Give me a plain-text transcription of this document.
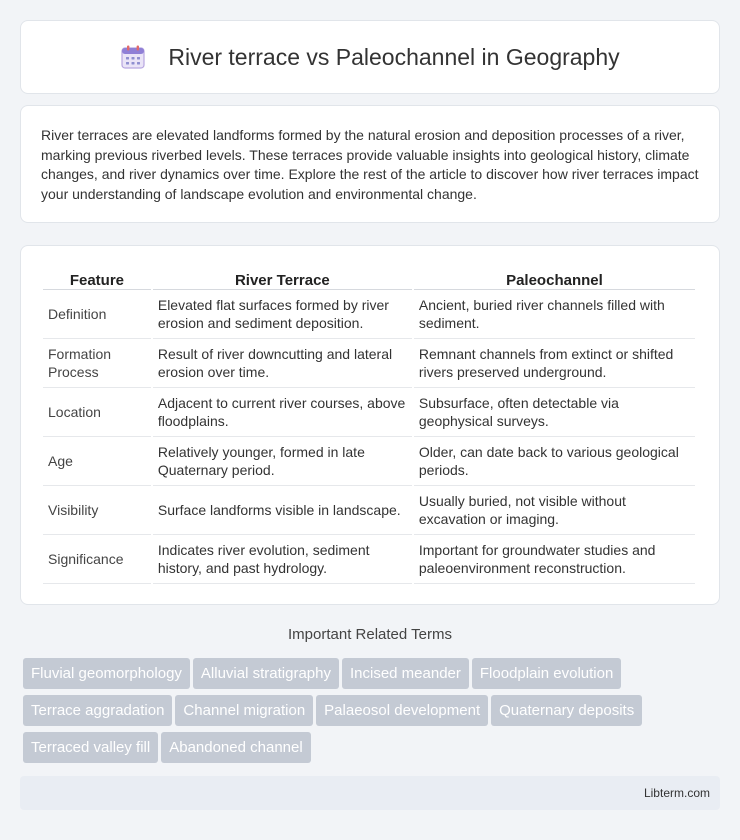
River terrace vs Paleochannel in Geography

River terraces are elevated landforms formed by the natural erosion and deposition processes of a river, marking previous riverbed levels. These terraces provide valuable insights into geological history, climate changes, and river dynamics over time. Explore the rest of the article to discover how river terraces impact your understanding of landscape evolution and environmental change.

Feature	River Terrace	Paleochannel
Definition	Elevated flat surfaces formed by river erosion and sediment deposition.	Ancient, buried river channels filled with sediment.
Formation Process	Result of river downcutting and lateral erosion over time.	Remnant channels from extinct or shifted rivers preserved underground.
Location	Adjacent to current river courses, above floodplains.	Subsurface, often detectable via geophysical surveys.
Age	Relatively younger, formed in late Quaternary period.	Older, can date back to various geological periods.
Visibility	Surface landforms visible in landscape.	Usually buried, not visible without excavation or imaging.
Significance	Indicates river evolution, sediment history, and past hydrology.	Important for groundwater studies and paleoenvironment reconstruction.
Important Related Terms
Fluvial geomorphology Alluvial stratigraphy Incised meander Floodplain evolution
Terrace aggradation Channel migration Palaeosol development Quaternary deposits
Terraced valley fill Abandoned channel
Libterm.com
